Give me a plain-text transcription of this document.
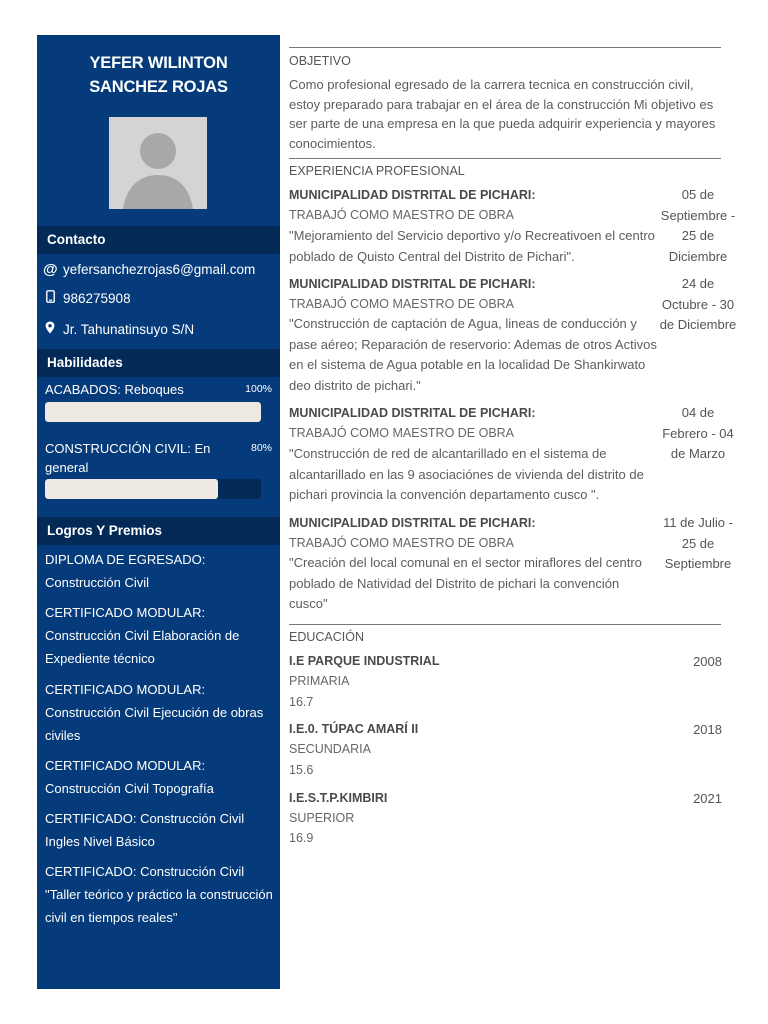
YEFER WILINTON
SANCHEZ ROJAS
Contacto
@ yefersanchezrojas6@gmail.com
986275908
Jr. Tahunatinsuyo S/N
Habilidades
ACABADOS: Reboques	100%
CONSTRUCCIÓN CIVIL: En general
80%
Logros Y Premios
DIPLOMA DE EGRESADO: Construcción Civil
CERTIFICADO MODULAR: Construcción Civil Elaboración de Expediente técnico
CERTIFICADO MODULAR: Construcción Civil Ejecución de obras civiles
CERTIFICADO MODULAR: Construcción Civil Topografía
CERTIFICADO: Construcción Civil Ingles Nivel Básico
CERTIFICADO: Construcción Civil "Taller teórico y práctico la construcción civil en tiempos reales"
OBJETIVO
Como profesional egresado de la carrera tecnica en construcción civil, estoy preparado para trabajar en el área de la construcción Mi objetivo es ser parte de una empresa en la que pueda adquirir experiencia y mayores conocimientos.
EXPERIENCIA PROFESIONAL
MUNICIPALIDAD DISTRITAL DE PICHARI:
TRABAJÓ COMO MAESTRO DE OBRA
"Mejoramiento del Servicio deportivo y/o Recreativoen el centro poblado de Quisto Central del Distrito de Pichari".
05 de Septiembre - 25 de Diciembre
MUNICIPALIDAD DISTRITAL DE PICHARI:
TRABAJÓ COMO MAESTRO DE OBRA
"Construcción de captación de Agua, lineas de conducción y pase aéreo; Reparación de reservorio: Ademas de otros Activos en el sistema de Agua potable en la localidad De Shankirwato deo distrito de pichari."
24 de Octubre - 30 de Diciembre
MUNICIPALIDAD DISTRITAL DE PICHARI:
TRABAJÓ COMO MAESTRO DE OBRA
"Construcción de red de alcantarillado en el sistema de alcantarillado en las 9 asociaciónes de vivienda del distrito de pichari provincia la convención departamento cusco ".
04 de Febrero - 04 de Marzo
MUNICIPALIDAD DISTRITAL DE PICHARI:
TRABAJÓ COMO MAESTRO DE OBRA
"Creación del local comunal en el sector miraflores del centro poblado de Natividad del Distrito de pichari la convención cusco"
11 de Julio - 25 de Septiembre
EDUCACIÓN
I.E PARQUE INDUSTRIAL	2008
PRIMARIA
16.7
I.E.0. TÚPAC AMARÍ II	2018
SECUNDARIA
15.6
I.E.S.T.P.KIMBIRI	2021
SUPERIOR
16.9
